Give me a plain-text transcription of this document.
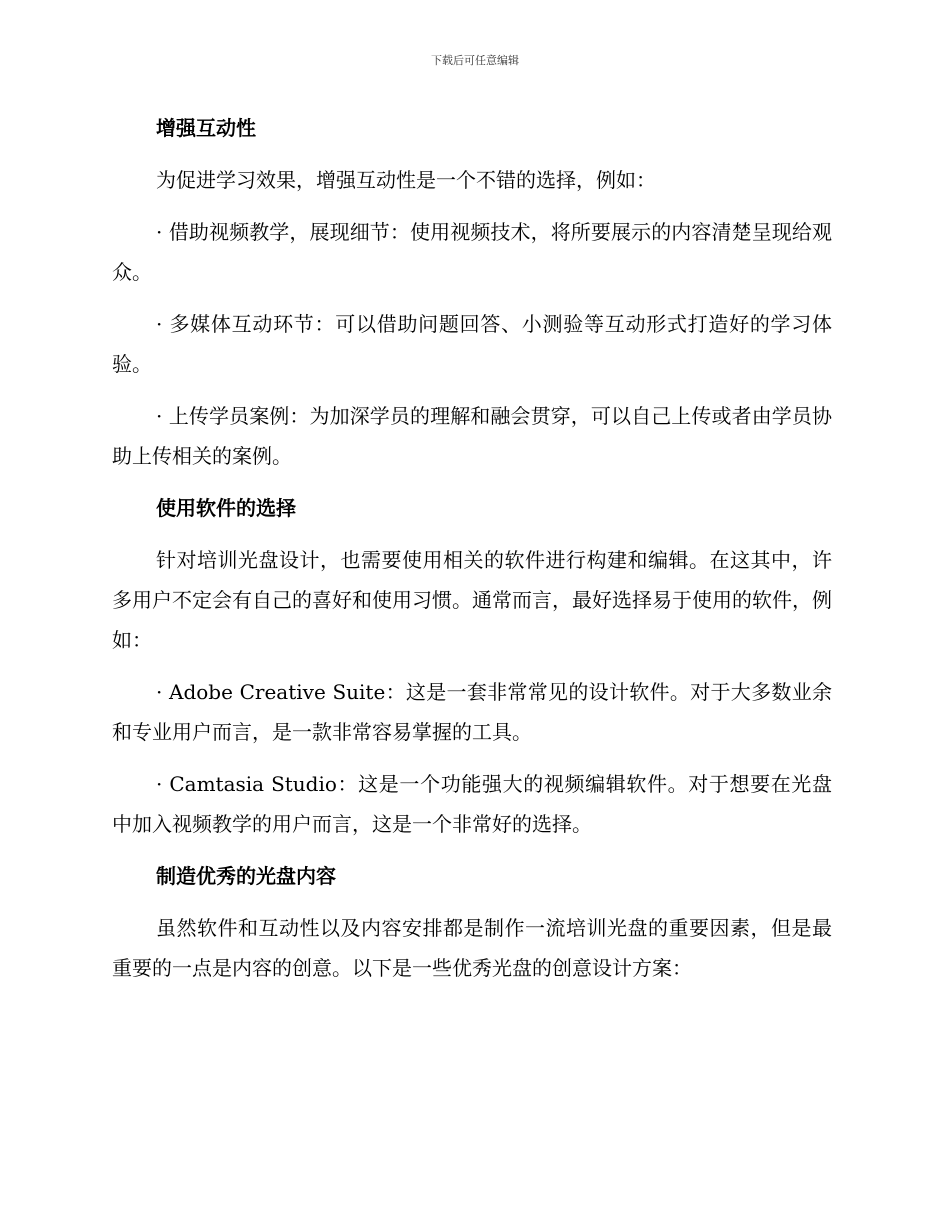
下载后可任意编辑
增强互动性

为促进学习效果，增强互动性是一个不错的选择，例如：

· 借助视频教学，展现细节：使用视频技术，将所要展示的内容清楚呈现给观众。

· 多媒体互动环节：可以借助问题回答、小测验等互动形式打造好的学习体验。

· 上传学员案例：为加深学员的理解和融会贯穿，可以自己上传或者由学员协助上传相关的案例。

使用软件的选择

针对培训光盘设计，也需要使用相关的软件进行构建和编辑。在这其中，许多用户不定会有自己的喜好和使用习惯。通常而言，最好选择易于使用的软件，例如：

· Adobe Creative Suite：这是一套非常常见的设计软件。对于大多数业余和专业用户而言，是一款非常容易掌握的工具。

· Camtasia Studio：这是一个功能强大的视频编辑软件。对于想要在光盘中加入视频教学的用户而言，这是一个非常好的选择。

制造优秀的光盘内容

虽然软件和互动性以及内容安排都是制作一流培训光盘的重要因素，但是最重要的一点是内容的创意。以下是一些优秀光盘的创意设计方案：
